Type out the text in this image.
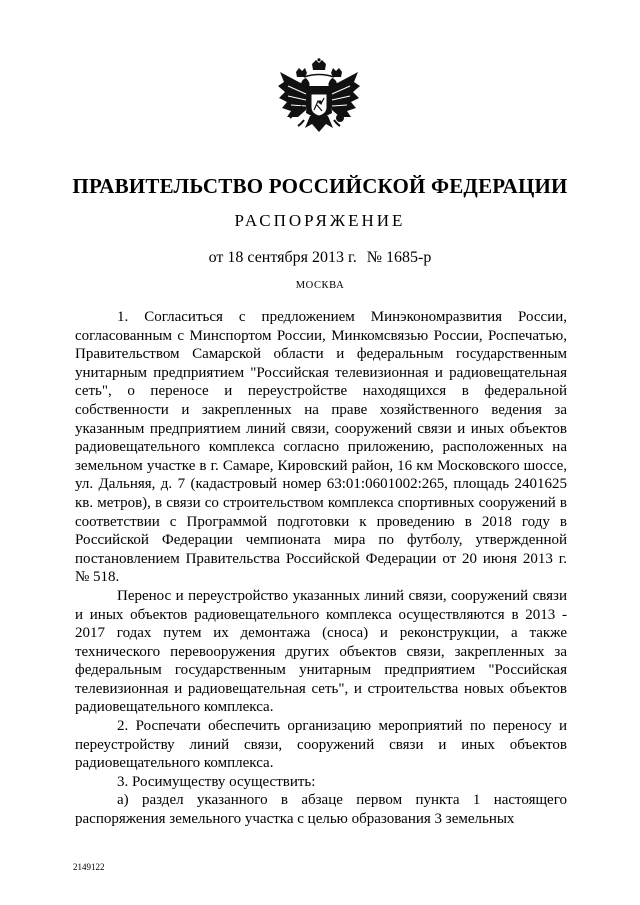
ПРАВИТЕЛЬСТВО РОССИЙСКОЙ ФЕДЕРАЦИИ
РАСПОРЯЖЕНИЕ
от 18 сентября 2013 г. № 1685-р
МОСКВА

1. Согласиться с предложением Минэкономразвития России, согласованным с Минспортом России, Минкомсвязью России, Роспечатью, Правительством Самарской области и федеральным государственным унитарным предприятием "Российская телевизионная и радиовещательная сеть", о переносе и переустройстве находящихся в федеральной собственности и закрепленных на праве хозяйственного ведения за указанным предприятием линий связи, сооружений связи и иных объектов радиовещательного комплекса согласно приложению, расположенных на земельном участке в г. Самаре, Кировский район, 16 км Московского шоссе, ул. Дальняя, д. 7 (кадастровый номер 63:01:0601002:265, площадь 2401625 кв. метров), в связи со строительством комплекса спортивных сооружений в соответствии с Программой подготовки к проведению в 2018 году в Российской Федерации чемпионата мира по футболу, утвержденной постановлением Правительства Российской Федерации от 20 июня 2013 г. № 518.

Перенос и переустройство указанных линий связи, сооружений связи и иных объектов радиовещательного комплекса осуществляются в 2013 - 2017 годах путем их демонтажа (сноса) и реконструкции, а также технического перевооружения других объектов связи, закрепленных за федеральным государственным унитарным предприятием "Российская телевизионная и радиовещательная сеть", и строительства новых объектов радиовещательного комплекса.

2. Роспечати обеспечить организацию мероприятий по переносу и переустройству линий связи, сооружений связи и иных объектов радиовещательного комплекса.

3. Росимуществу осуществить:

а) раздел указанного в абзаце первом пункта 1 настоящего распоряжения земельного участка с целью образования 3 земельных

2149122
